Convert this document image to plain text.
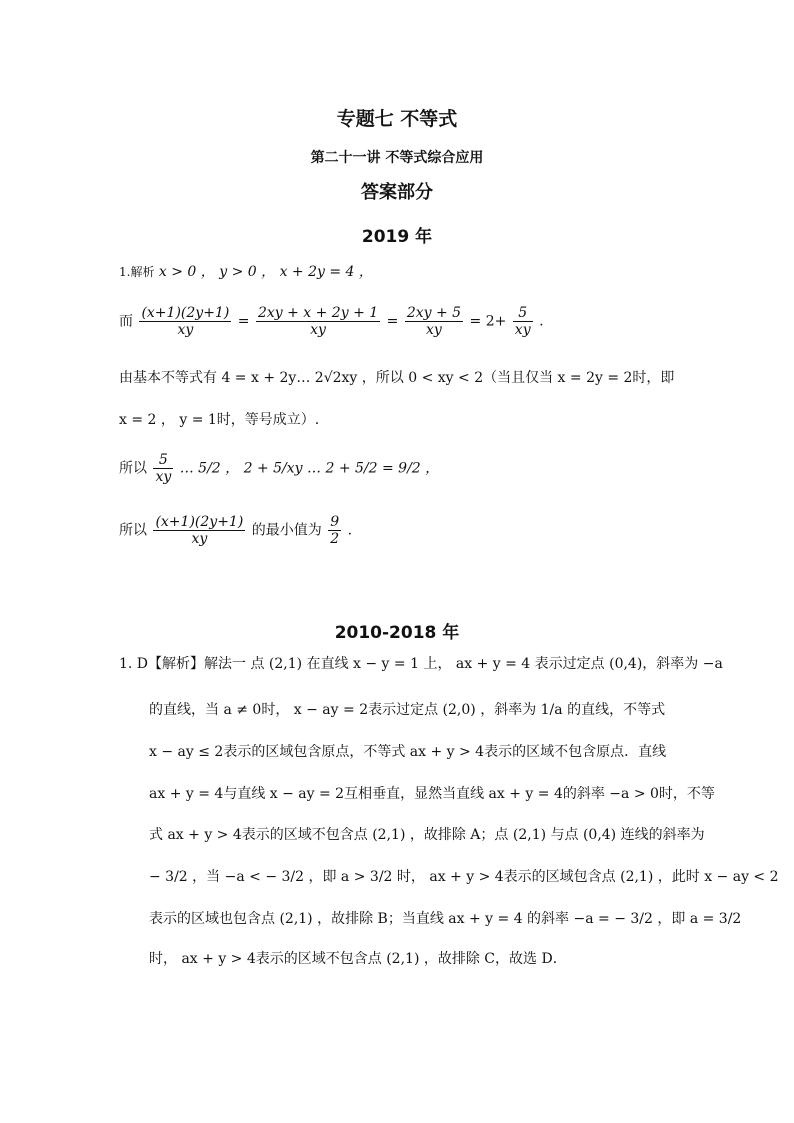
专题七 不等式
第二十一讲 不等式综合应用
答案部分
2019 年
1.解析 x > 0 ， y > 0 ， x + 2y = 4 ，
而 $\frac{(x+1)(2y+1)}{xy} = \frac{2xy + x + 2y + 1}{xy} = \frac{2xy + 5}{xy} = 2+ \frac{5}{xy}$ .
由基本不等式有 4 = x + 2y… 2√2xy ，所以 0 < xy < 2（当且仅当 x = 2y = 2时，即
x = 2 ， y = 1时，等号成立）.
所以 $\frac{5}{xy}$ … 5/2 ， 2 + 5/xy … 2 + 5/2 = 9/2 ，
所以 $\frac{(x+1)(2y+1)}{xy}$ 的最小值为 $\frac{9}{2}$ .
2010-2018 年
1. D【解析】解法一 点 (2,1) 在直线 x − y = 1 上， ax + y = 4 表示过定点 (0,4)，斜率为 −a
的直线，当 a ≠ 0时， x − ay = 2表示过定点 (2,0) ，斜率为 1/a 的直线，不等式
x − ay ≤ 2表示的区域包含原点，不等式 ax + y > 4表示的区域不包含原点．直线
ax + y = 4与直线 x − ay = 2互相垂直，显然当直线 ax + y = 4的斜率 −a > 0时，不等
式 ax + y > 4表示的区域不包含点 (2,1) ，故排除 A；点 (2,1) 与点 (0,4) 连线的斜率为
− 3/2 ，当 −a < − 3/2 ，即 a > 3/2 时， ax + y > 4表示的区域包含点 (2,1) ，此时 x − ay < 2
表示的区域也包含点 (2,1) ，故排除 B；当直线 ax + y = 4 的斜率 −a = − 3/2 ，即 a = 3/2
时， ax + y > 4表示的区域不包含点 (2,1) ，故排除 C，故选 D．
